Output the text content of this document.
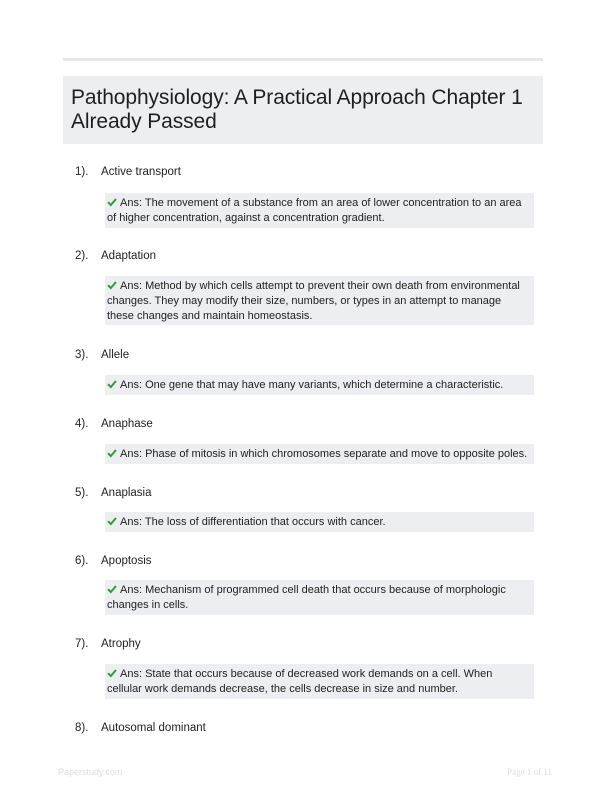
Pathophysiology: A Practical Approach Chapter 1 Already Passed
1). Active transport
Ans: The movement of a substance from an area of lower concentration to an area of higher concentration, against a concentration gradient.
2). Adaptation
Ans: Method by which cells attempt to prevent their own death from environmental changes. They may modify their size, numbers, or types in an attempt to manage these changes and maintain homeostasis.
3). Allele
Ans: One gene that may have many variants, which determine a characteristic.
4). Anaphase
Ans: Phase of mitosis in which chromosomes separate and move to opposite poles.
5). Anaplasia
Ans: The loss of differentiation that occurs with cancer.
6). Apoptosis
Ans: Mechanism of programmed cell death that occurs because of morphologic changes in cells.
7). Atrophy
Ans: State that occurs because of decreased work demands on a cell. When cellular work demands decrease, the cells decrease in size and number.
8). Autosomal dominant
Paperstudy.com	Page 1 of 11
